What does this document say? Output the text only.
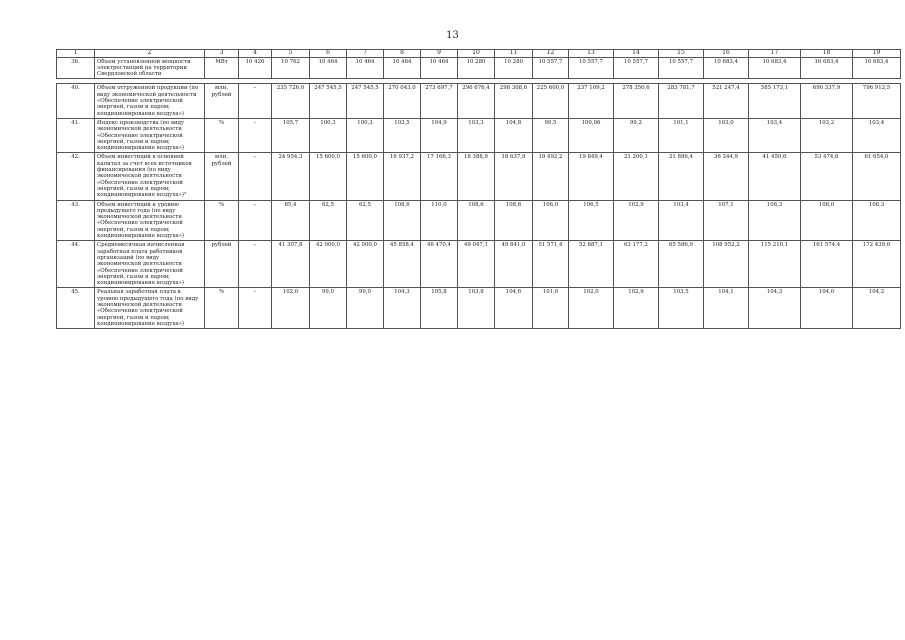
13
1	2	3	4	5	6	7	8	9	10	11	12	13	14	15	16	17	18	19
36.	Объем установленной мощности электростанций на территории Свердловской области	МВт	10 426	10 762	10 464	10 464	10 464	10 464	10 280	10 280	10 557,7	10 557,7	10 557,7	10 557,7	10 683,4	10 683,4	10 683,4	10 683,4

40.	Объем отгруженной продукции (по виду экономической деятельности «Обеспечение электрической энергией, газом и паром; кондиционирование воздуха»)	млн. рублей	–	235 726,0	247 545,5	247 545,5	270 043,0	273 697,7	290 676,4	298 308,6	225 600,0	237 109,2	278 350,6	283 781,7	521 247,4	585 173,1	690 337,9	796 912,5
41.	Индекс производства (по виду экономической деятельности «Обеспечение электрической энергией, газом и паром; кондиционирование воздуха»)	%	–	105,7	100,3	100,3	103,5	104,9	103,3	104,8	99,5	100,06	99,2	101,1	103,0	103,4	103,2	103,4
42.	Объем инвестиций в основной капитал за счет всех источников финансирования (по виду экономической деятельности «Обеспечение электрической энергией, газом и паром; кондиционирование воздуха»)³	млн. рублей	–	24 954,3	15 600,0	15 600,0	16 937,2	17 166,3	18 388,9	18 637,9	19 492,2	19 849,4	21 200,1	21 886,4	36 344,9	41 450,6	53 474,6	61 654,0
43.	Объем инвестиций к уровню предыдущего года (по виду экономической деятельности «Обеспечение электрической энергией, газом и паром; кондиционирование воздуха»)	%	–	85,4	62,5	62,5	108,6	110,0	108,6	108,6	106,0	106,5	102,9	103,4	107,1	108,3	108,0	108,3
44.	Среднемесячная начисленная заработная плата работников организаций (по виду экономической деятельности «Обеспечение электрической энергией, газом и паром; кондиционирование воздуха»)	рублей	–	41 307,8	42 000,0	42 000,0	45 858,4	46 470,4	49 047,1	49 841,0	51 571,4	52 687,1	63 177,2	65 586,9	108 952,2	115 210,1	161 574,4	172 439,6
45.	Реальная заработная плата к уровню предыдущего года (по виду экономической деятельности «Обеспечение электрической энергией, газом и паром; кондиционирование воздуха»)	%	–	102,0	99,0	99,0	104,3	105,8	103,8	104,6	101,0	102,0	102,9	103,5	104,1	104,3	104,0	104,2
